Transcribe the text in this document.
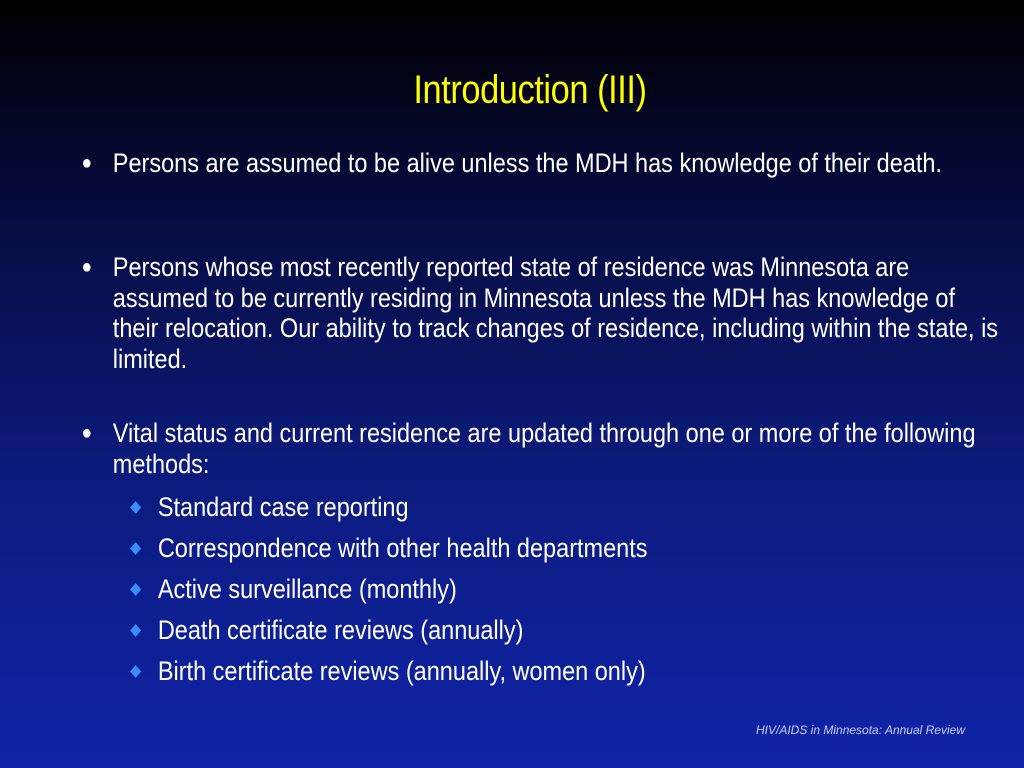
Introduction (III)
● Persons are assumed to be alive unless the MDH has knowledge of their death.
● Persons whose most recently reported state of residence was Minnesota are assumed to be currently residing in Minnesota unless the MDH has knowledge of their relocation. Our ability to track changes of residence, including within the state, is limited.
● Vital status and current residence are updated through one or more of the following methods:
Standard case reporting
Correspondence with other health departments
Active surveillance (monthly)
Death certificate reviews (annually)
Birth certificate reviews (annually, women only)
HIV/AIDS in Minnesota: Annual Review
